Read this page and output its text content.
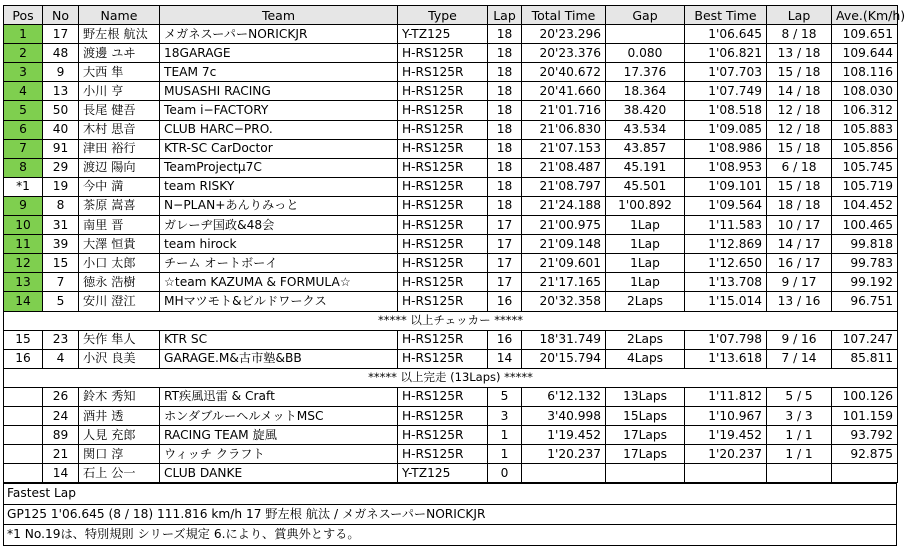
Pos	No	Name	Team	Type	Lap	Total Time	Gap	Best Time	Lap	Ave.(Km/h)
1	17	野左根 航汰	メガネスーパーNORICKJR	Y-TZ125	18	20'23.296		1'06.645	8 / 18	109.651
2	48	渡邊 ユヰ	18GARAGE	H-RS125R	18	20'23.376	0.080	1'06.821	13 / 18	109.644
3	9	大西 隼	TEAM 7c	H-RS125R	18	20'40.672	17.376	1'07.703	15 / 18	108.116
4	13	小川 亨	MUSASHI RACING	H-RS125R	18	20'41.660	18.364	1'07.749	14 / 18	108.030
5	50	長尾 健吾	Team i−FACTORY	H-RS125R	18	21'01.716	38.420	1'08.518	12 / 18	106.312
6	40	木村 思音	CLUB HARC−PRO.	H-RS125R	18	21'06.830	43.534	1'09.085	12 / 18	105.883
7	91	津田 裕行	KTR-SC CarDoctor	H-RS125R	18	21'07.153	43.857	1'08.986	15 / 18	105.856
8	29	渡辺 陽向	TeamProjectμ7C	H-RS125R	18	21'08.487	45.191	1'08.953	6 / 18	105.745
*1	19	今中 満	team RISKY	H-RS125R	18	21'08.797	45.501	1'09.101	15 / 18	105.719
9	8	茶原 嵩喜	N−PLAN+あんりみっと	H-RS125R	18	21'24.188	1'00.892	1'09.564	18 / 18	104.452
10	31	南里 晋	ガレーヂ国政&48会	H-RS125R	17	21'00.975	1Lap	1'11.583	10 / 17	100.465
11	39	大澤 恒貴	team hirock	H-RS125R	17	21'09.148	1Lap	1'12.869	14 / 17	99.818
12	15	小口 太郎	チーム オートボーイ	H-RS125R	17	21'09.601	1Lap	1'12.650	16 / 17	99.783
13	7	徳永 浩樹	☆team KAZUMA & FORMULA☆	H-RS125R	17	21'17.165	1Lap	1'13.708	9 / 17	99.192
14	5	安川 澄江	MHマツモト&ビルドワークス	H-RS125R	16	20'32.358	2Laps	1'15.014	13 / 16	96.751
***** 以上チェッカー *****										
15	23	矢作 隼人	KTR SC	H-RS125R	16	18'31.749	2Laps	1'07.798	9 / 16	107.247
16	4	小沢 良美	GARAGE.M&古市塾&BB	H-RS125R	14	20'15.794	4Laps	1'13.618	7 / 14	85.811
***** 以上完走 (13Laps) *****										
	26	鈴木 秀知	RT疾風迅雷 & Craft	H-RS125R	5	6'12.132	13Laps	1'11.812	5 / 5	100.126
	24	酒井 透	ホンダブルーヘルメットMSC	H-RS125R	3	3'40.998	15Laps	1'10.967	3 / 3	101.159
	89	人見 充郎	RACING TEAM 旋風	H-RS125R	1	1'19.452	17Laps	1'19.452	1 / 1	93.792
	21	関口 淳	ウィッチ クラフト	H-RS125R	1	1'20.237	17Laps	1'20.237	1 / 1	92.875
	14	石上 公一	CLUB DANKE	Y-TZ125	0					
Fastest Lap
GP125 1'06.645 (8 / 18) 111.816 km/h 17 野左根 航汰 / メガネスーパーNORICKJR
*1 No.19は、特別規則 シリーズ規定 6.により、賞典外とする。
